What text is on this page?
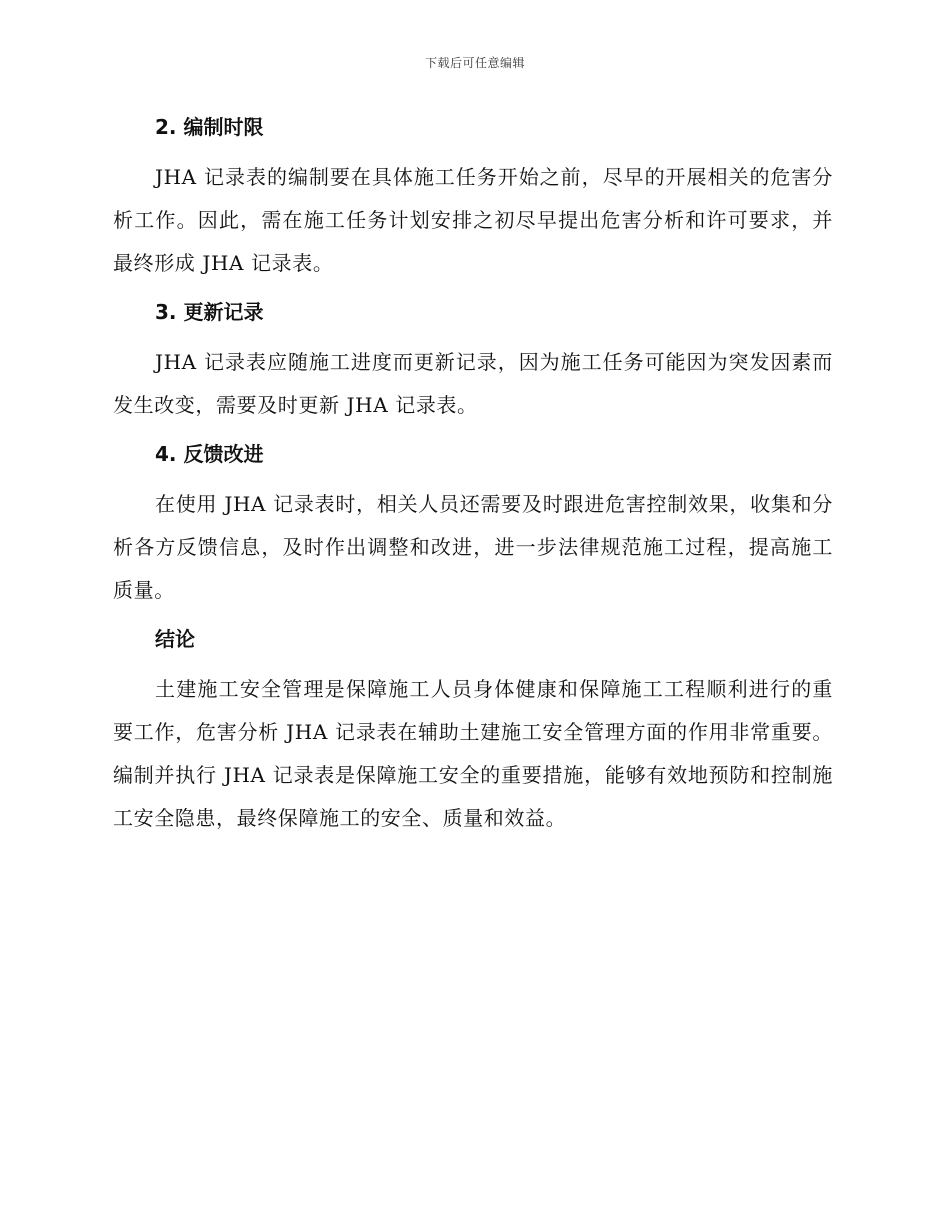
下载后可任意编辑
2. 编制时限

JHA 记录表的编制要在具体施工任务开始之前，尽早的开展相关的危害分析工作。因此，需在施工任务计划安排之初尽早提出危害分析和许可要求，并最终形成 JHA 记录表。

3. 更新记录

JHA 记录表应随施工进度而更新记录，因为施工任务可能因为突发因素而发生改变，需要及时更新 JHA 记录表。

4. 反馈改进

在使用 JHA 记录表时，相关人员还需要及时跟进危害控制效果，收集和分析各方反馈信息，及时作出调整和改进，进一步法律规范施工过程，提高施工质量。

结论

土建施工安全管理是保障施工人员身体健康和保障施工工程顺利进行的重要工作，危害分析 JHA 记录表在辅助土建施工安全管理方面的作用非常重要。编制并执行 JHA 记录表是保障施工安全的重要措施，能够有效地预防和控制施工安全隐患，最终保障施工的安全、质量和效益。
